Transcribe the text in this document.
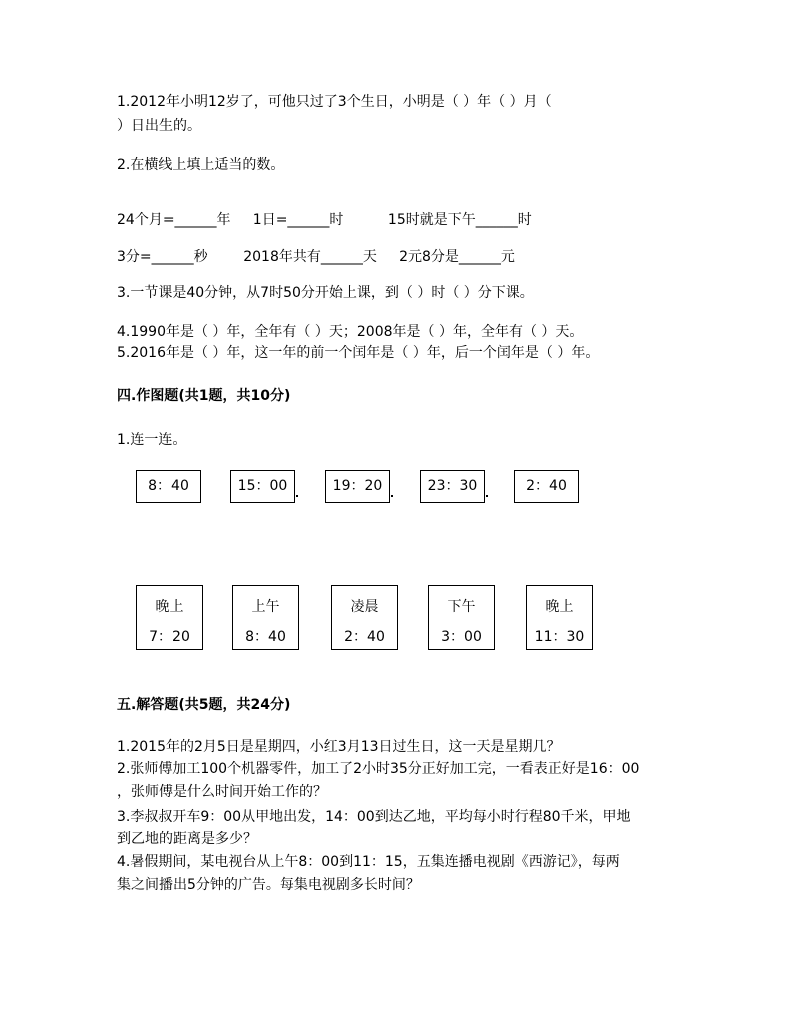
1.2012年小明12岁了，可他只过了3个生日，小明是（ ）年（ ）月（
）日出生的。
2.在横线上填上适当的数。
24个月=______年     1日=______时          15时就是下午______时
3分=______秒        2018年共有______天     2元8分是______元
3.一节课是40分钟，从7时50分开始上课，到（ ）时（ ）分下课。
4.1990年是（ ）年，全年有（ ）天；2008年是（ ）年，全年有（ ）天。
5.2016年是（ ）年，这一年的前一个闰年是（ ）年，后一个闰年是（ ）年。
四.作图题(共1题，共10分)
1.连一连。
8：40	15：00	19：20	23：30	2：40
晚上
7：20
上午
8：40
凌晨
2：40
下午
3：00
晚上
11：30
五.解答题(共5题，共24分)
1.2015年的2月5日是星期四，小红3月13日过生日，这一天是星期几？
2.张师傅加工100个机器零件，加工了2小时35分正好加工完，一看表正好是16：00
，张师傅是什么时间开始工作的？
3.李叔叔开车9：00从甲地出发，14：00到达乙地，平均每小时行程80千米，甲地
到乙地的距离是多少？
4.暑假期间，某电视台从上午8：00到11：15，五集连播电视剧《西游记》，每两
集之间播出5分钟的广告。每集电视剧多长时间？
